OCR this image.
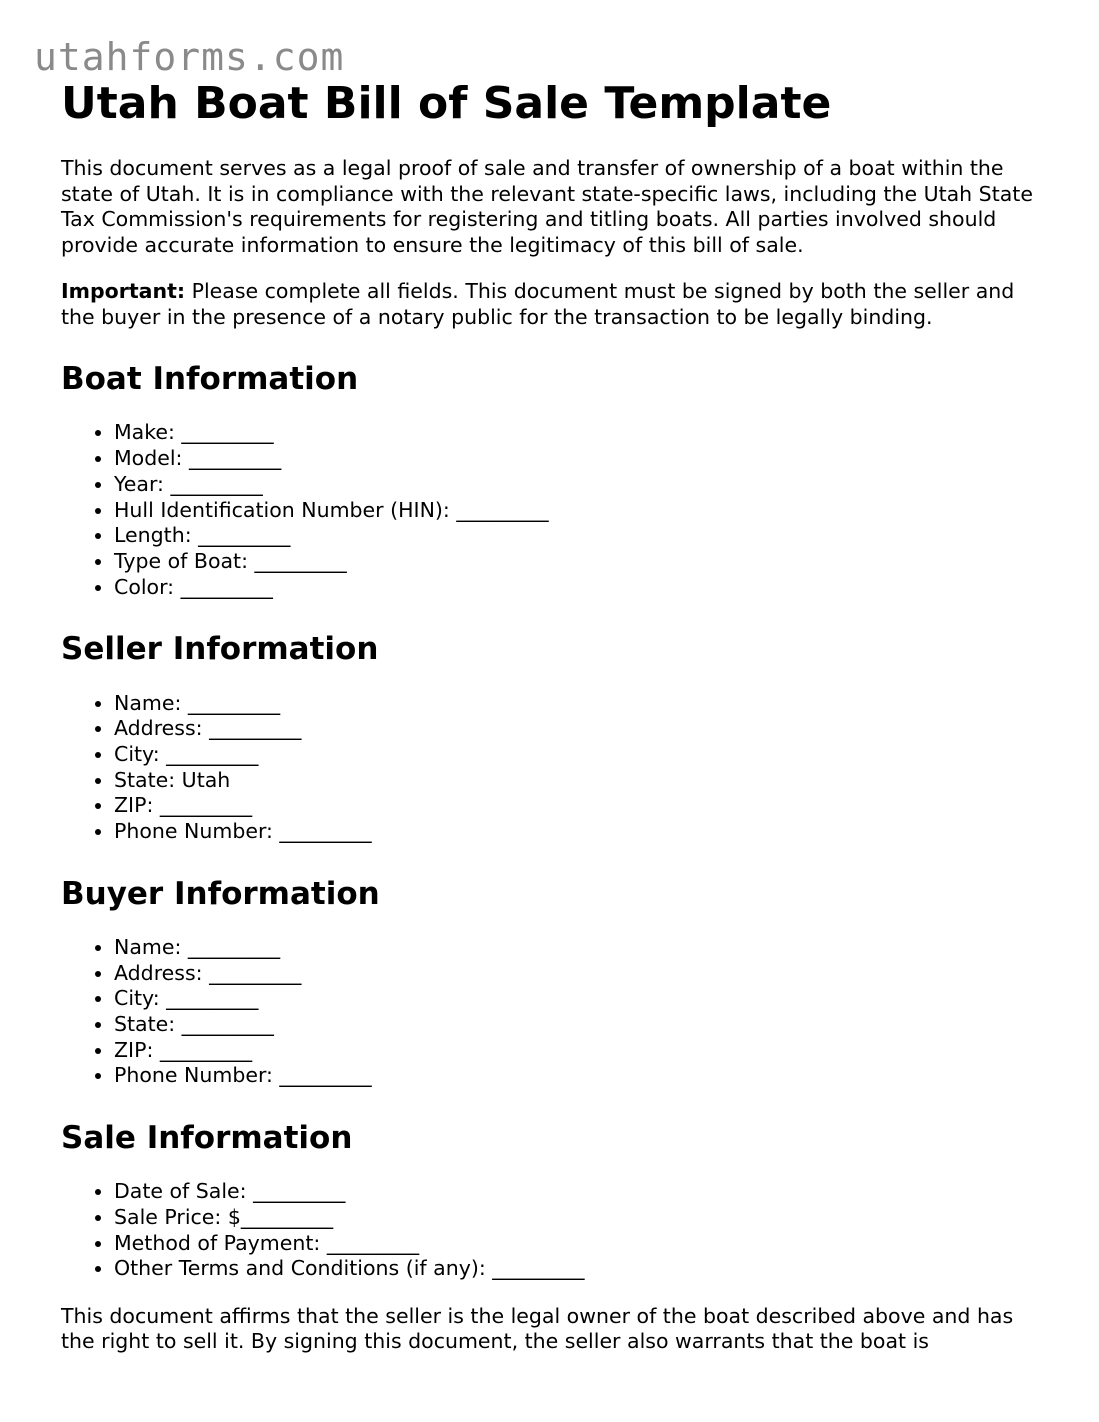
utahforms.com
Utah Boat Bill of Sale Template

This document serves as a legal proof of sale and transfer of ownership of a boat within the state of Utah. It is in compliance with the relevant state-specific laws, including the Utah State Tax Commission's requirements for registering and titling boats. All parties involved should provide accurate information to ensure the legitimacy of this bill of sale.

Important: Please complete all fields. This document must be signed by both the seller and the buyer in the presence of a notary public for the transaction to be legally binding.

Boat Information
• Make: _________
• Model: _________
• Year: _________
• Hull Identification Number (HIN): _________
• Length: _________
• Type of Boat: _________
• Color: _________
Seller Information
• Name: _________
• Address: _________
• City: _________
• State: Utah
• ZIP: _________
• Phone Number: _________
Buyer Information
• Name: _________
• Address: _________
• City: _________
• State: _________
• ZIP: _________
• Phone Number: _________
Sale Information
• Date of Sale: _________
• Sale Price: $_________
• Method of Payment: _________
• Other Terms and Conditions (if any): _________

This document affirms that the seller is the legal owner of the boat described above and has the right to sell it. By signing this document, the seller also warrants that the boat is
